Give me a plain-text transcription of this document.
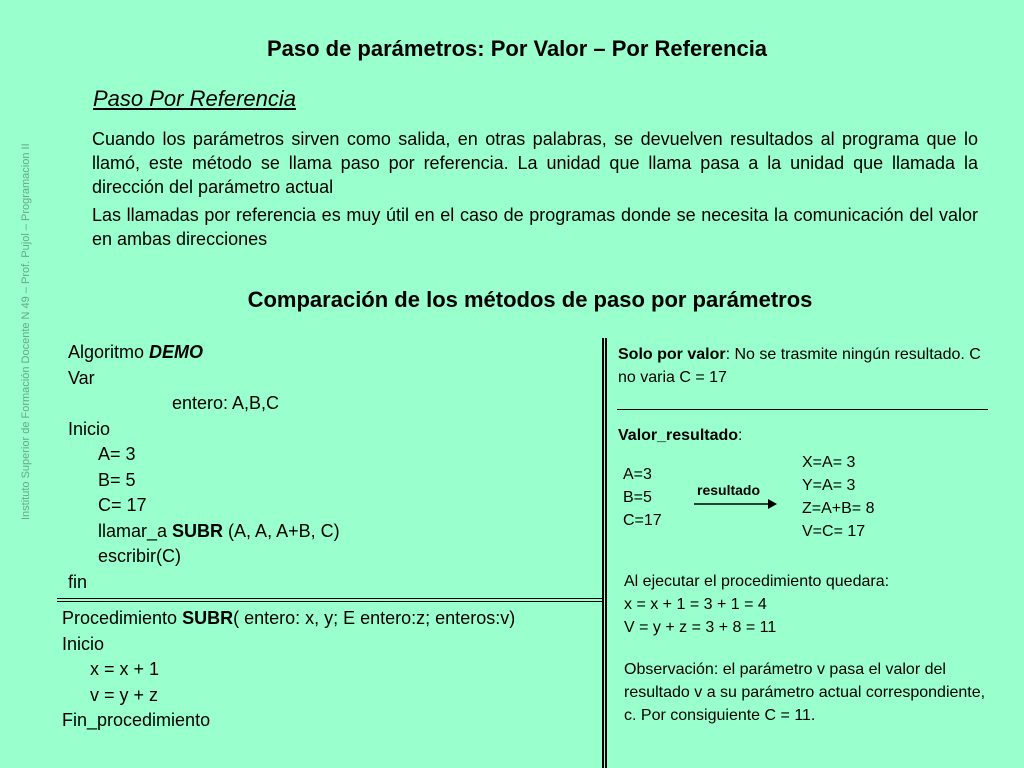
Instituto Superior de Formación Docente N 49 – Prof. Pujol – Programacion II
Paso de parámetros: Por Valor – Por Referencia
Paso Por Referencia
Cuando los parámetros sirven como salida, en otras palabras, se devuelven resultados al programa que lo llamó, este método se llama paso por referencia. La unidad que llama pasa a la unidad que llamada la dirección del parámetro actual
Las llamadas por referencia es muy útil en el caso de programas donde se necesita la comunicación del valor en ambas direcciones
Comparación de los métodos de paso por parámetros
Algoritmo DEMO
Var
entero: A,B,C
Inicio
A= 3
B= 5
C= 17
llamar_a SUBR (A, A, A+B, C)
escribir(C)
fin
Procedimiento SUBR( entero: x, y; E entero:z; enteros:v)
Inicio
x = x + 1
v = y + z
Fin_procedimiento
Solo por valor: No se trasmite ningún resultado. C no varia C = 17
Valor_resultado:
A=3
B=5
C=17
resultado
X=A= 3
Y=A= 3
Z=A+B= 8
V=C= 17
Al ejecutar el procedimiento quedara:
x = x + 1 = 3 + 1 = 4
V = y + z = 3 + 8 = 11
Observación: el parámetro v pasa el valor del resultado v a su parámetro actual correspondiente, c. Por consiguiente C = 11.
